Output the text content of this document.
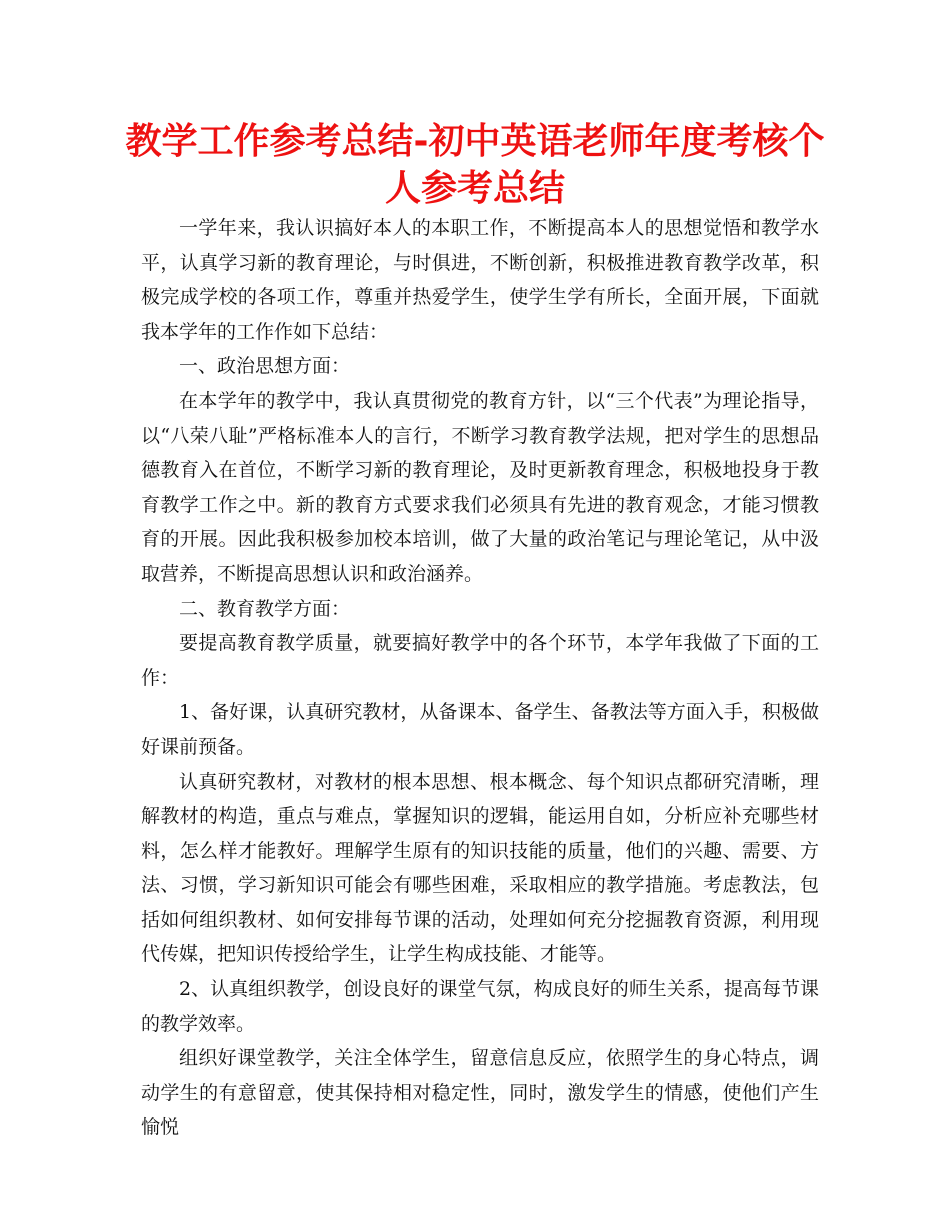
教学工作参考总结-初中英语老师年度考核个人参考总结

一学年来，我认识搞好本人的本职工作，不断提高本人的思想觉悟和教学水平，认真学习新的教育理论，与时俱进，不断创新，积极推进教育教学改革，积极完成学校的各项工作，尊重并热爱学生，使学生学有所长，全面开展，下面就我本学年的工作作如下总结：

一、政治思想方面：

在本学年的教学中，我认真贯彻党的教育方针，以“三个代表”为理论指导，以“八荣八耻”严格标准本人的言行，不断学习教育教学法规，把对学生的思想品德教育入在首位，不断学习新的教育理论，及时更新教育理念，积极地投身于教育教学工作之中。新的教育方式要求我们必须具有先进的教育观念，才能习惯教育的开展。因此我积极参加校本培训，做了大量的政治笔记与理论笔记，从中汲取营养，不断提高思想认识和政治涵养。

二、教育教学方面：

要提高教育教学质量，就要搞好教学中的各个环节，本学年我做了下面的工作：

1、备好课，认真研究教材，从备课本、备学生、备教法等方面入手，积极做好课前预备。

认真研究教材，对教材的根本思想、根本概念、每个知识点都研究清晰，理解教材的构造，重点与难点，掌握知识的逻辑，能运用自如，分析应补充哪些材料，怎么样才能教好。理解学生原有的知识技能的质量，他们的兴趣、需要、方法、习惯，学习新知识可能会有哪些困难，采取相应的教学措施。考虑教法，包括如何组织教材、如何安排每节课的活动，处理如何充分挖掘教育资源，利用现代传媒，把知识传授给学生，让学生构成技能、才能等。

2、认真组织教学，创设良好的课堂气氛，构成良好的师生关系，提高每节课的教学效率。

组织好课堂教学，关注全体学生，留意信息反应，依照学生的身心特点，调动学生的有意留意，使其保持相对稳定性，同时，激发学生的情感，使他们产生愉悦
